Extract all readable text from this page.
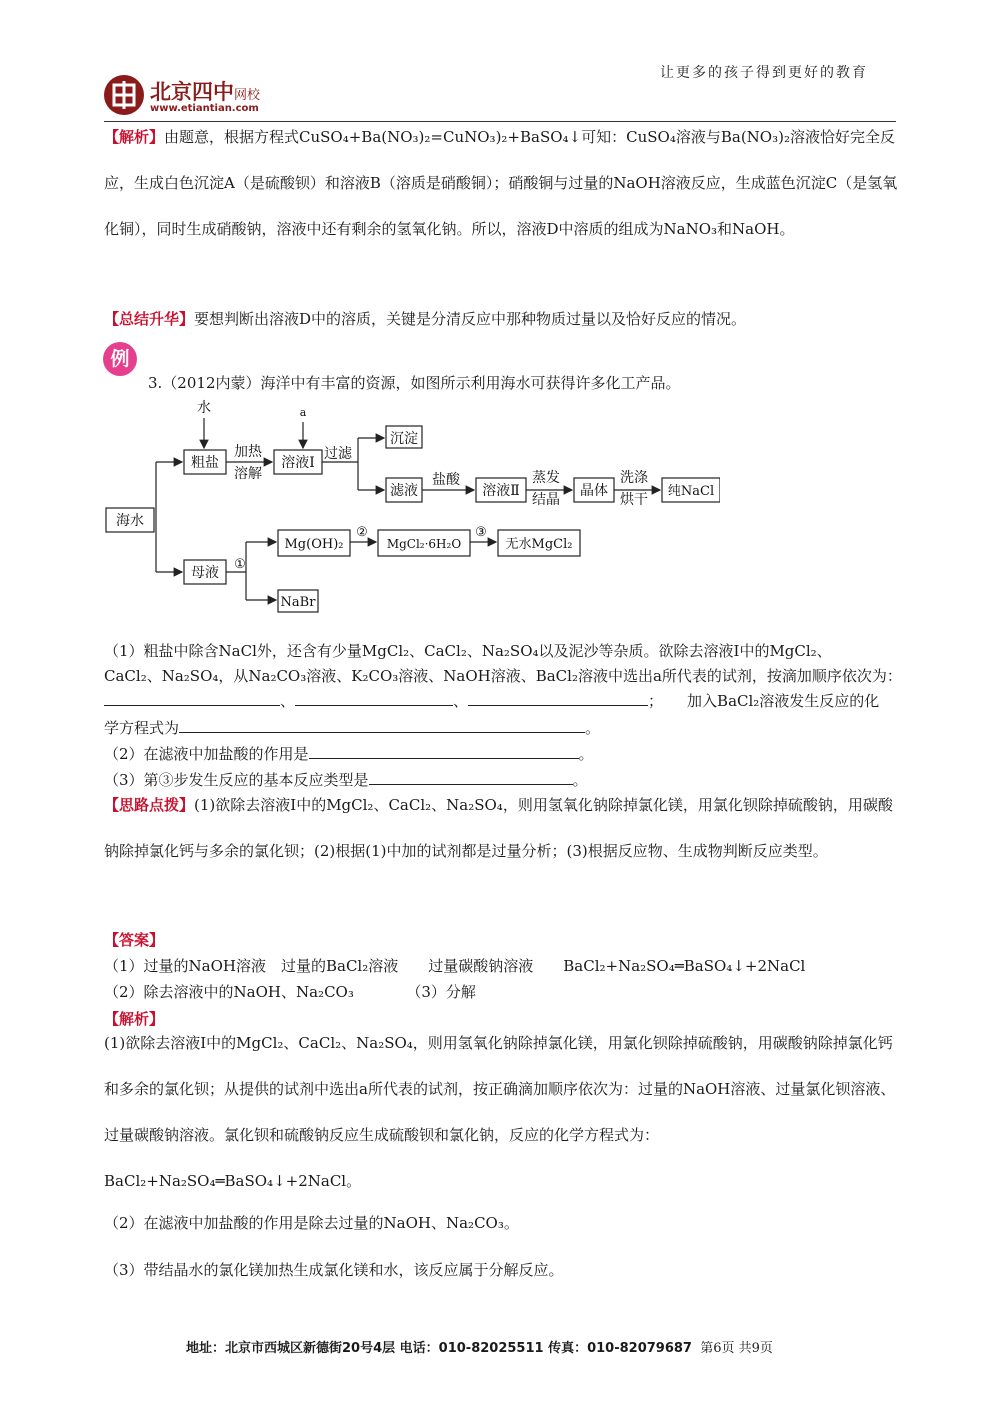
让更多的孩子得到更好的教育
北京四中网校
www.etiantian.com

【解析】由题意，根据方程式CuSO₄+Ba(NO₃)₂=CuNO₃)₂+BaSO₄↓可知：CuSO₄溶液与Ba(NO₃)₂溶液恰好完全反应，生成白色沉淀A（是硫酸钡）和溶液B（溶质是硝酸铜）；硝酸铜与过量的NaOH溶液反应，生成蓝色沉淀C（是氢氧化铜），同时生成硝酸钠，溶液中还有剩余的氢氧化钠。所以，溶液D中溶质的组成为NaNO₃和NaOH。

【总结升华】要想判断出溶液D中的溶质，关键是分清反应中那种物质过量以及恰好反应的情况。

例
3.（2012内蒙）海洋中有丰富的资源，如图所示利用海水可获得许多化工产品。
海水
水	a
粗盐
加热
溶解
溶液Ⅰ
过滤
沉淀
滤液
盐酸
溶液Ⅱ
蒸发
结晶
晶体
洗涤
烘干
纯NaCl
母液
①
Mg(OH)₂
②
MgCl₂·6H₂O
③
无水MgCl₂
NaBr
（1）粗盐中除含NaCl外，还含有少量MgCl₂、CaCl₂、Na₂SO₄以及泥沙等杂质。欲除去溶液Ⅰ中的MgCl₂、
CaCl₂、Na₂SO₄，从Na₂CO₃溶液、K₂CO₃溶液、NaOH溶液、BaCl₂溶液中选出a所代表的试剂，按滴加顺序依次为：
、	、	； 加入BaCl₂溶液发生反应的化
学方程式为	。
（2）在滤液中加盐酸的作用是	。
（3）第③步发生反应的基本反应类型是	。

【思路点拨】(1)欲除去溶液Ⅰ中的MgCl₂、CaCl₂、Na₂SO₄，则用氢氧化钠除掉氯化镁，用氯化钡除掉硫酸钠，用碳酸钠除掉氯化钙与多余的氯化钡；(2)根据(1)中加的试剂都是过量分析；(3)根据反应物、生成物判断反应类型。

【答案】
（1）过量的NaOH溶液　过量的BaCl₂溶液　　过量碳酸钠溶液　　BaCl₂+Na₂SO₄═BaSO₄↓+2NaCl
（2）除去溶液中的NaOH、Na₂CO₃　　　　（3）分解
【解析】

(1)欲除去溶液Ⅰ中的MgCl₂、CaCl₂、Na₂SO₄，则用氢氧化钠除掉氯化镁，用氯化钡除掉硫酸钠，用碳酸钠除掉氯化钙和多余的氯化钡；从提供的试剂中选出a所代表的试剂，按正确滴加顺序依次为：过量的NaOH溶液、过量氯化钡溶液、过量碳酸钠溶液。氯化钡和硫酸钠反应生成硫酸钡和氯化钠，反应的化学方程式为：BaCl₂+Na₂SO₄═BaSO₄↓+2NaCl。

（2）在滤液中加盐酸的作用是除去过量的NaOH、Na₂CO₃。
（3）带结晶水的氯化镁加热生成氯化镁和水，该反应属于分解反应。
地址：北京市西城区新德街20号4层 电话：010-82025511 传真：010-82079687 第6页 共9页
